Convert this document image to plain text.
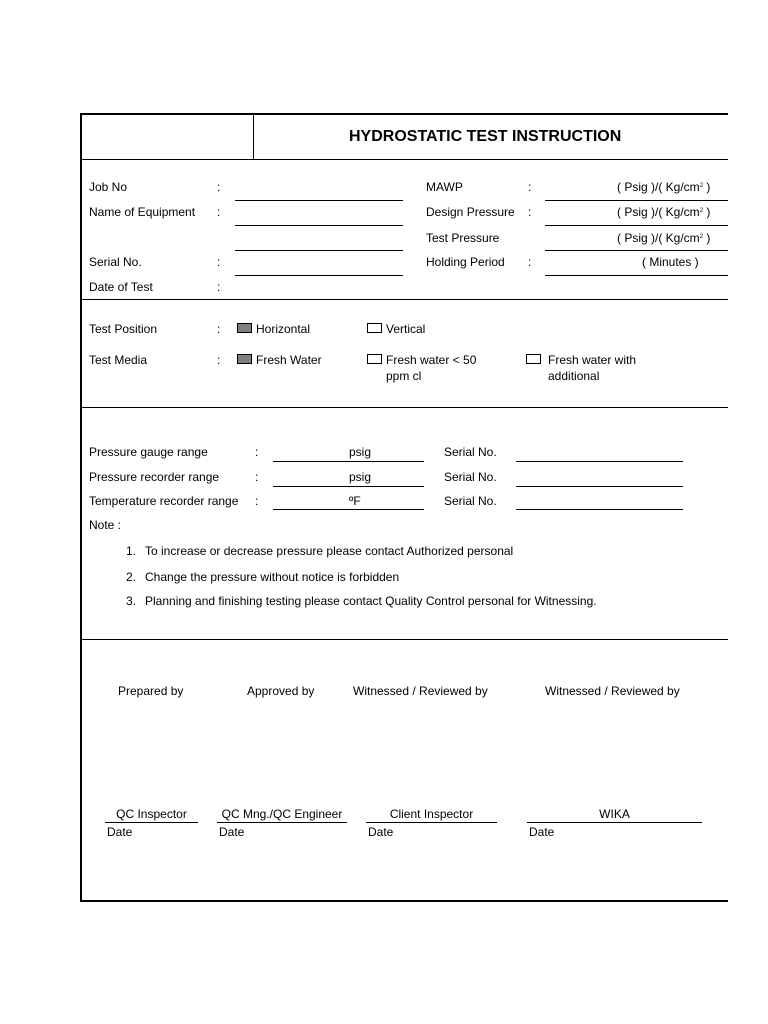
HYDROSTATIC TEST INSTRUCTION
Job No	:
Name of Equipment :
Serial No.	:
Date of Test	:
MAWP	:	( Psig )/( $Kg/cm^2$ )
Design Pressure :	( Psig )/( $Kg/cm^2$ )
Test Pressure	( Psig )/( $Kg/cm^2$ )
Holding Period :	( Minutes )
Test Position	:	Horizontal	Vertical
Test Media	:	Fresh Water	Fresh water < 50
ppm cl
Fresh water with
additional
Pressure gauge range	:	psig	Serial No.
Pressure recorder range	:	psig	Serial No.
Temperature recorder range :	ºF	Serial No.
Note :
1. To increase or decrease pressure please contact Authorized personal
2. Change the pressure without notice is forbidden
3. Planning and finishing testing please contact Quality Control personal for Witnessing.
Prepared by	Approved by	Witnessed / Reviewed by	Witnessed / Reviewed by
QC Inspector
Date
QC Mng./QC Engineer
Date
Client Inspector
Date
WIKA
Date
